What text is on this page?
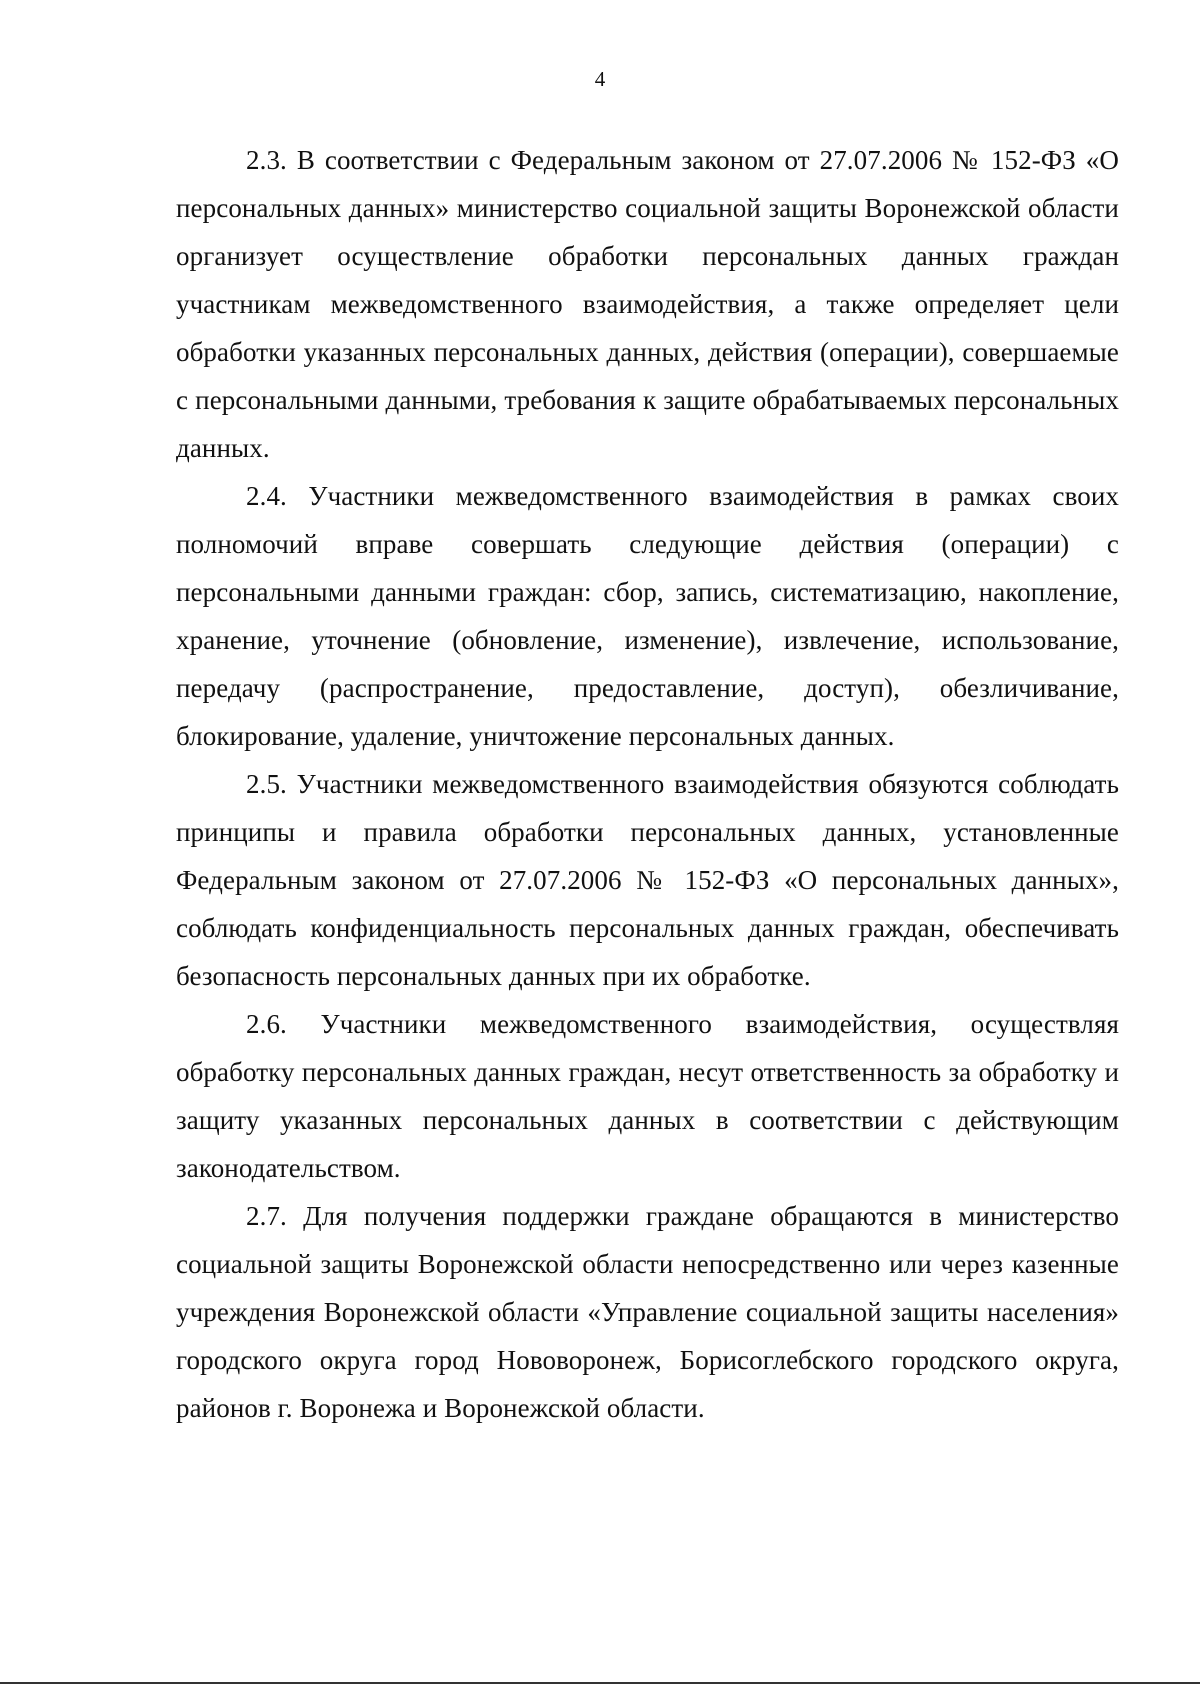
4

2.3. В соответствии с Федеральным законом от 27.07.2006 № 152-ФЗ «О персональных данных» министерство социальной защиты Воронежской области организует осуществление обработки персональных данных граждан участникам межведомственного взаимодействия, а также определяет цели обработки указанных персональных данных, действия (операции), совершаемые с персональными данными, требования к защите обрабатываемых персональных данных.

2.4. Участники межведомственного взаимодействия в рамках своих полномочий вправе совершать следующие действия (операции) с персональными данными граждан: сбор, запись, систематизацию, накопление, хранение, уточнение (обновление, изменение), извлечение, использование, передачу (распространение, предоставление, доступ), обезличивание, блокирование, удаление, уничтожение персональных данных.

2.5. Участники межведомственного взаимодействия обязуются соблюдать принципы и правила обработки персональных данных, установленные Федеральным законом от 27.07.2006 № 152-ФЗ «О персональных данных», соблюдать конфиденциальность персональных данных граждан, обеспечивать безопасность персональных данных при их обработке.

2.6. Участники межведомственного взаимодействия, осуществляя обработку персональных данных граждан, несут ответственность за обработку и защиту указанных персональных данных в соответствии с действующим законодательством.

2.7. Для получения поддержки граждане обращаются в министерство социальной защиты Воронежской области непосредственно или через казенные учреждения Воронежской области «Управление социальной защиты населения» городского округа город Нововоронеж, Борисоглебского городского округа, районов г. Воронежа и Воронежской области.
